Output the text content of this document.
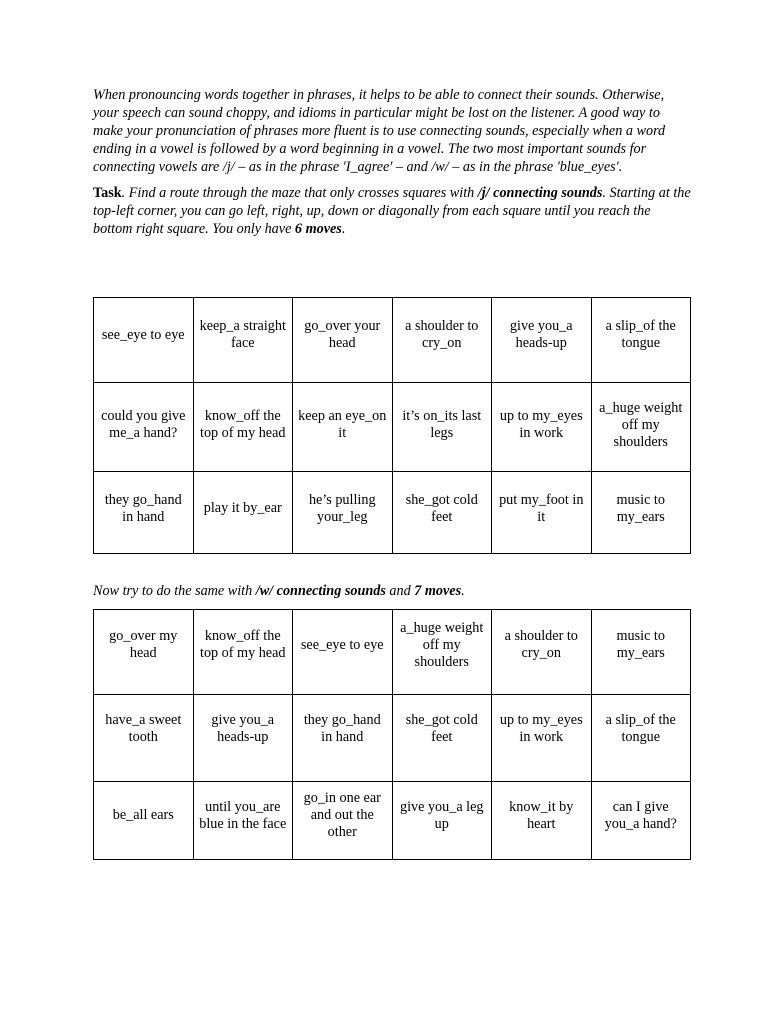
When pronouncing words together in phrases, it helps to be able to connect their sounds. Otherwise, your speech can sound choppy, and idioms in particular might be lost on the listener. A good way to make your pronunciation of phrases more fluent is to use connecting sounds, especially when a word ending in a vowel is followed by a word beginning in a vowel. The two most important sounds for connecting vowels are /j/ – as in the phrase 'I_agree' – and /w/ – as in the phrase 'blue_eyes'.

Task. Find a route through the maze that only crosses squares with /j/ connecting sounds. Starting at the top-left corner, you can go left, right, up, down or diagonally from each square until you reach the bottom right square. You only have 6 moves.

see_eye to eye	keep_a straight face	go_over your head	a shoulder to cry_on	give you_a heads-up	a slip_of the tongue

could you give me_a hand?	know_off the top of my head	keep an eye_on it	it’s on_its last legs	up to my_eyes in work	a_huge weight off my shoulders

they go_hand in hand	play it by_ear	he’s pulling your_leg	she_got cold feet	put my_foot in it	music to my_ears

Now try to do the same with /w/ connecting sounds and 7 moves.

go_over my head	know_off the top of my head	see_eye to eye	a_huge weight off my shoulders	a shoulder to cry_on	music to my_ears

have_a sweet tooth	give you_a heads-up	they go_hand in hand	she_got cold feet	up to my_eyes in work	a slip_of the tongue

be_all ears	until you_are blue in the face	go_in one ear and out the other	give you_a leg up	know_it by heart	can I give you_a hand?
